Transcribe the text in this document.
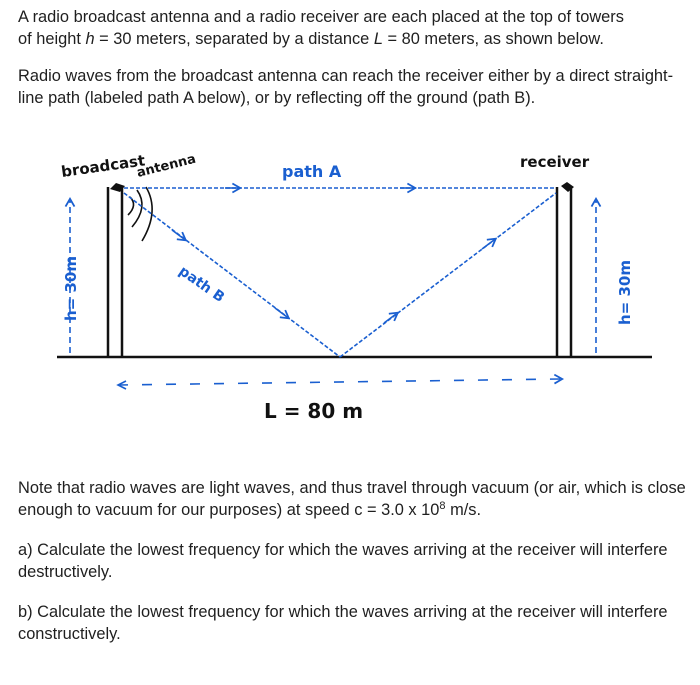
A radio broadcast antenna and a radio receiver are each placed at the top of towers
of height h = 30 meters, separated by a distance L = 80 meters, as shown below.

Radio waves from the broadcast antenna can reach the receiver either by a direct straight-line path (labeled path A below), or by reflecting off the ground (path B).

broadcast
antenna	receiver
path A
path B
h= 30m	h= 30m
L = 80 m

Note that radio waves are light waves, and thus travel through vacuum (or air, which is close enough to vacuum for our purposes) at speed c = 3.0 x $10^8$ m/s.

a) Calculate the lowest frequency for which the waves arriving at the receiver will interfere destructively.

b) Calculate the lowest frequency for which the waves arriving at the receiver will interfere constructively.
